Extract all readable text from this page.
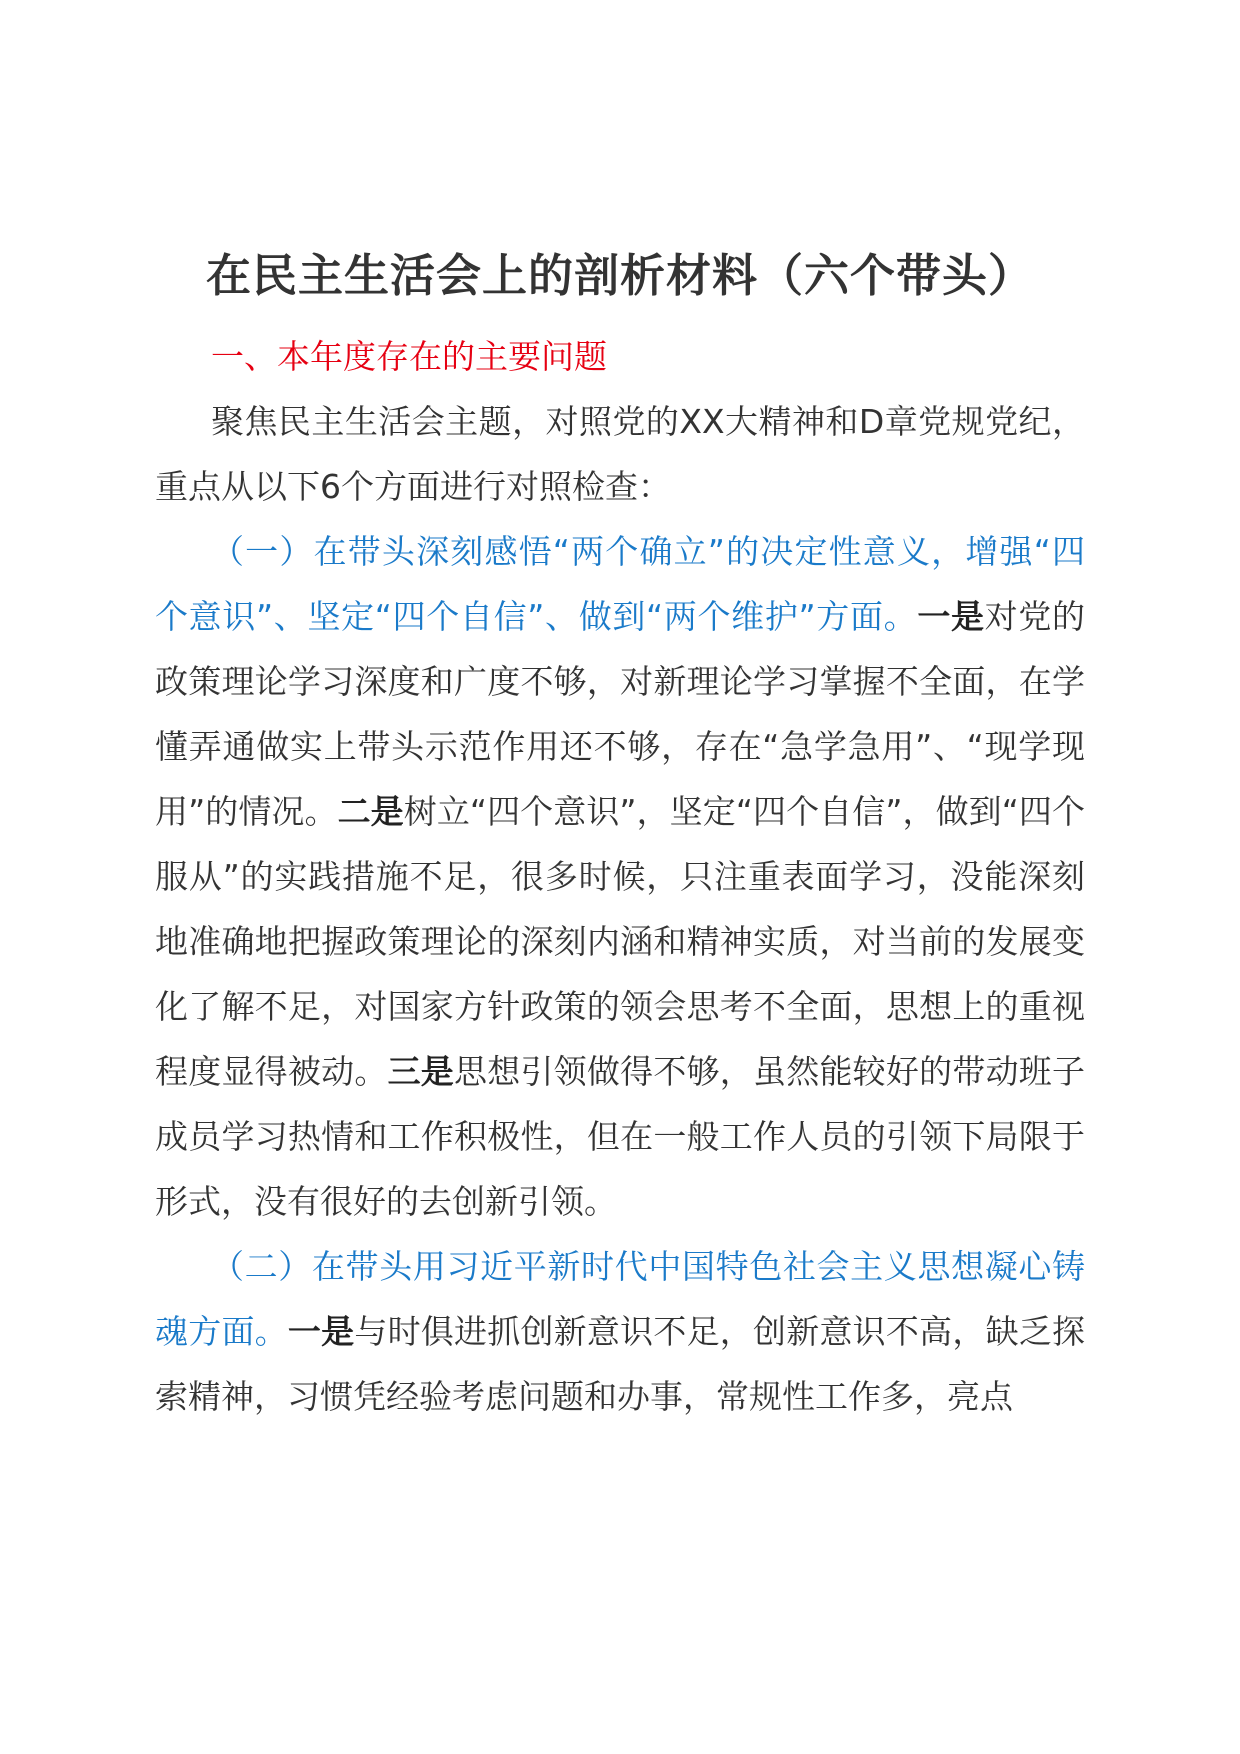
在民主生活会上的剖析材料（六个带头）

一、本年度存在的主要问题

聚焦民主生活会主题，对照党的XX大精神和D章党规党纪，重点从以下6个方面进行对照检查：

（一）在带头深刻感悟“两个确立”的决定性意义，增强“四个意识”、坚定“四个自信”、做到“两个维护”方面。一是对党的政策理论学习深度和广度不够，对新理论学习掌握不全面，在学懂弄通做实上带头示范作用还不够，存在“急学急用”、“现学现用”的情况。二是树立“四个意识”，坚定“四个自信”，做到“四个服从”的实践措施不足，很多时候，只注重表面学习，没能深刻地准确地把握政策理论的深刻内涵和精神实质，对当前的发展变化了解不足，对国家方针政策的领会思考不全面，思想上的重视程度显得被动。三是思想引领做得不够，虽然能较好的带动班子成员学习热情和工作积极性，但在一般工作人员的引领下局限于形式，没有很好的去创新引领。

（二）在带头用习近平新时代中国特色社会主义思想凝心铸魂方面。一是与时俱进抓创新意识不足，创新意识不高，缺乏探索精神，习惯凭经验考虑问题和办事，常规性工作多，亮点
